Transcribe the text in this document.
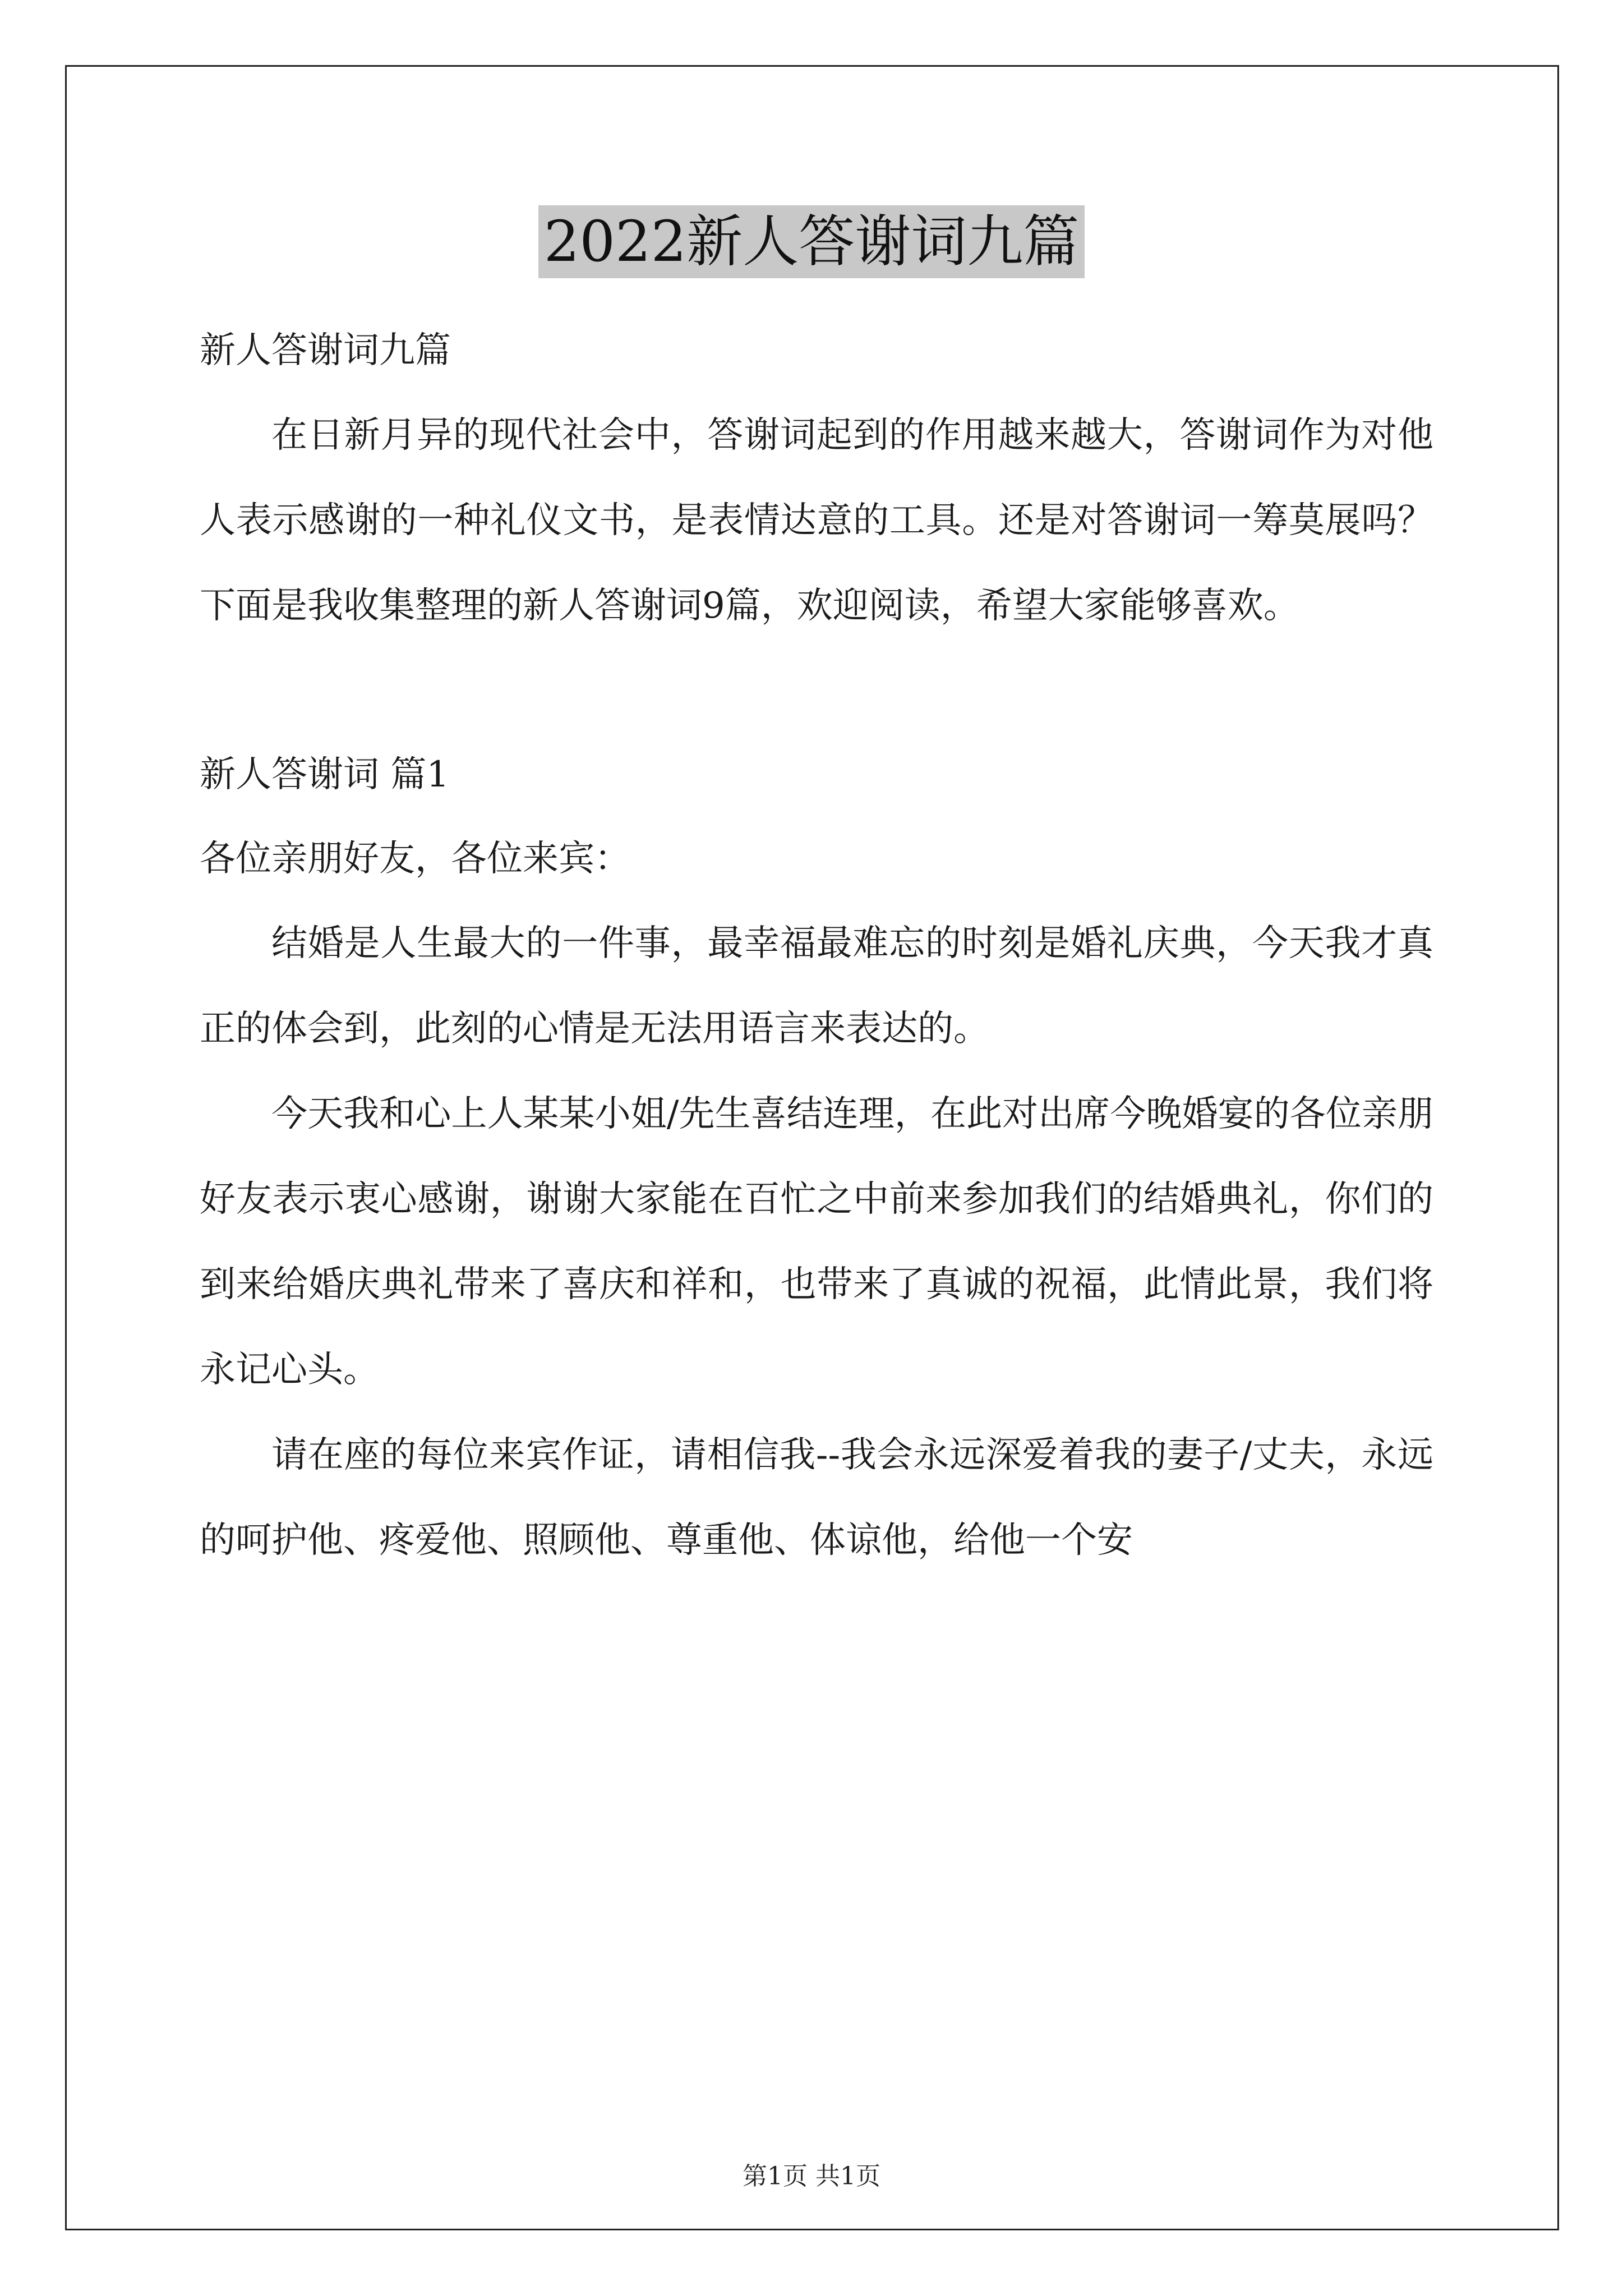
2022新人答谢词九篇

新人答谢词九篇

在日新月异的现代社会中，答谢词起到的作用越来越大，答谢词作为对他人表示感谢的一种礼仪文书，是表情达意的工具。还是对答谢词一筹莫展吗？下面是我收集整理的新人答谢词9篇，欢迎阅读，希望大家能够喜欢。

新人答谢词 篇1

各位亲朋好友，各位来宾：

结婚是人生最大的一件事，最幸福最难忘的时刻是婚礼庆典，今天我才真正的体会到，此刻的心情是无法用语言来表达的。

今天我和心上人某某小姐/先生喜结连理，在此对出席今晚婚宴的各位亲朋好友表示衷心感谢，谢谢大家能在百忙之中前来参加我们的结婚典礼，你们的到来给婚庆典礼带来了喜庆和祥和，也带来了真诚的祝福，此情此景，我们将永记心头。

请在座的每位来宾作证，请相信我--我会永远深爱着我的妻子/丈夫，永远的呵护他、疼爱他、照顾他、尊重他、体谅他，给他一个安

第1页 共1页
